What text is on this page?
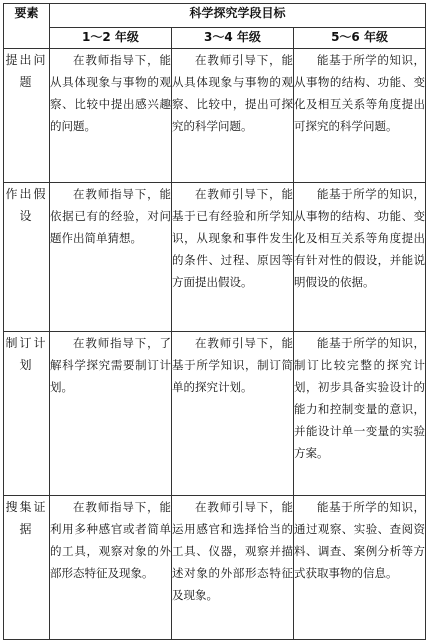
要素	科学探究学段目标		
	1～2 年级	3～4 年级	5～6 年级
提出问题	在教师指导下，能从具体现象与事物的观察、比较中提出感兴趣的问题。	在教师引导下，能从具体现象与事物的观察、比较中，提出可探究的科学问题。	能基于所学的知识，从事物的结构、功能、变化及相互关系等角度提出可探究的科学问题。
作出假设	在教师指导下，能依据已有的经验，对问题作出简单猜想。	在教师引导下，能基于已有经验和所学知识，从现象和事件发生的条件、过程、原因等方面提出假设。	能基于所学的知识，从事物的结构、功能、变化及相互关系等角度提出有针对性的假设，并能说明假设的依据。
制订计划	在教师指导下，了解科学探究需要制订计划。	在教师引导下，能基于所学知识，制订简单的探究计划。	能基于所学的知识，制订比较完整的探究计划，初步具备实验设计的能力和控制变量的意识，并能设计单一变量的实验方案。
搜集证据	在教师指导下，能利用多种感官或者简单的工具，观察对象的外部形态特征及现象。	在教师引导下，能运用感官和选择恰当的工具、仪器，观察并描述对象的外部形态特征及现象。	能基于所学的知识，通过观察、实验、查阅资料、调查、案例分析等方式获取事物的信息。
